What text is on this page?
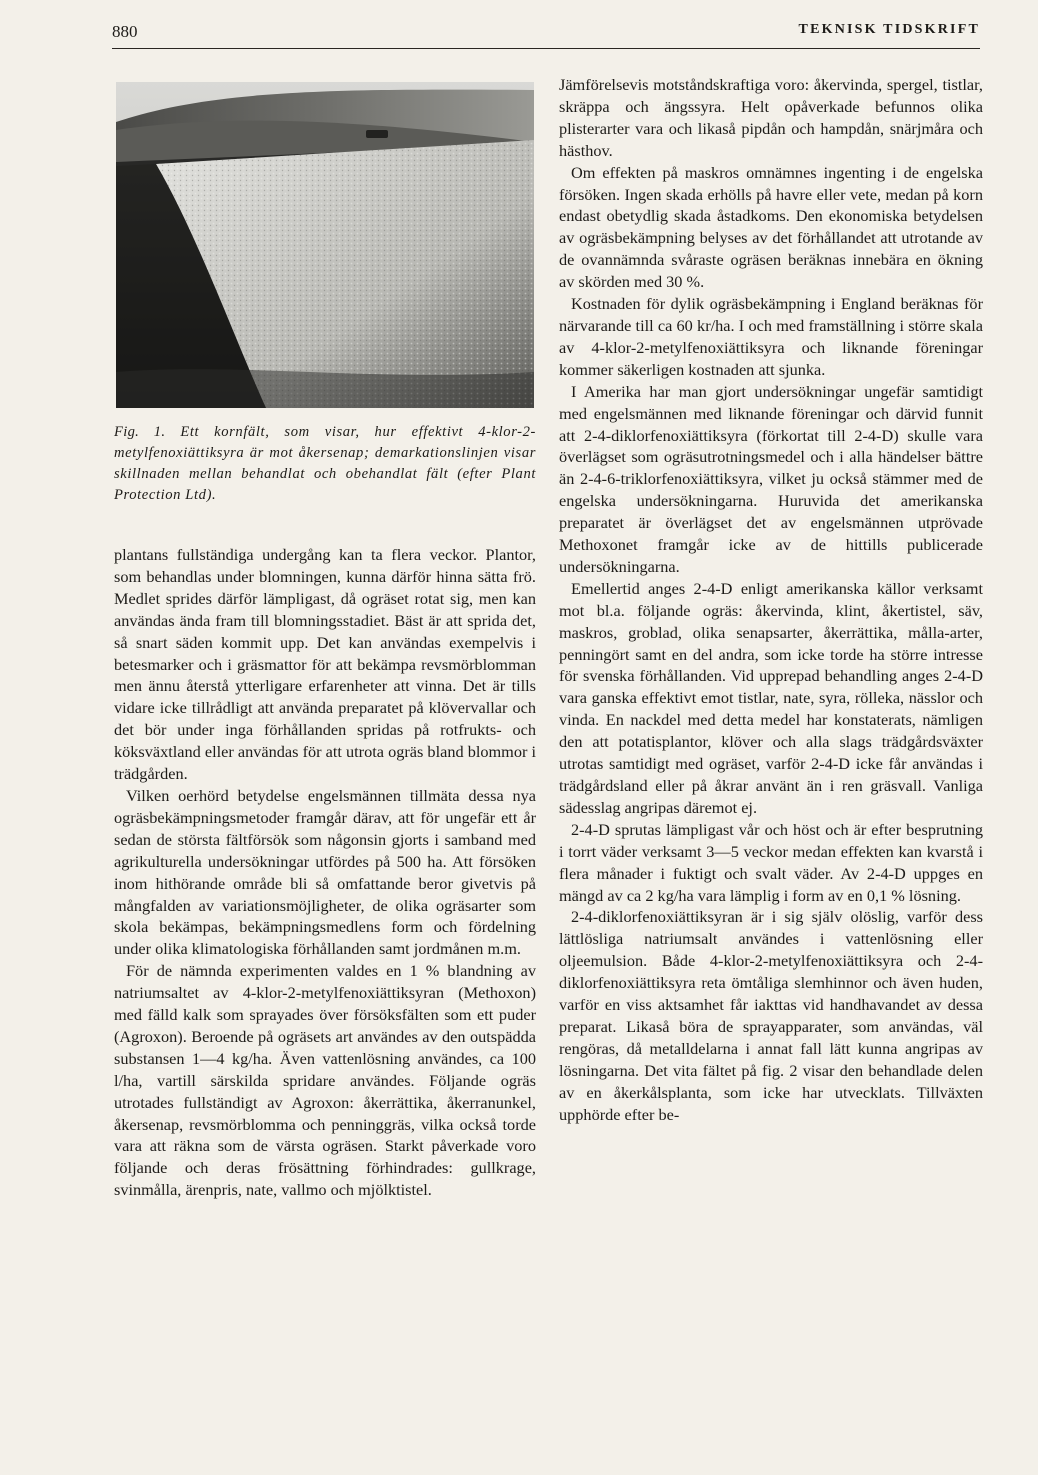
880	TEKNISK TIDSKRIFT
Fig. 1. Ett kornfält, som visar, hur effektivt 4-klor-2-metylfenoxiättiksyra är mot åkersenap; demarkationslinjen visar skillnaden mellan behandlat och obehandlat fält (efter Plant Protection Ltd).

plantans fullständiga undergång kan ta flera veckor. Plantor, som behandlas under blomningen, kunna därför hinna sätta frö. Medlet sprides därför lämpligast, då ogräset rotat sig, men kan användas ända fram till blomningsstadiet. Bäst är att sprida det, så snart säden kommit upp. Det kan användas exempelvis i betesmarker och i gräsmattor för att bekämpa revsmörblomman men ännu återstå ytterligare erfarenheter att vinna. Det är tills vidare icke tillrådligt att använda preparatet på klövervallar och det bör under inga förhållanden spridas på rotfrukts- och köksväxtland eller användas för att utrota ogräs bland blommor i trädgården.

Vilken oerhörd betydelse engelsmännen tillmäta dessa nya ogräsbekämpningsmetoder framgår därav, att för ungefär ett år sedan de största fältförsök som någonsin gjorts i samband med agrikulturella undersökningar utfördes på 500 ha. Att försöken inom hithörande område bli så omfattande beror givetvis på mångfalden av variationsmöjligheter, de olika ogräsarter som skola bekämpas, bekämpningsmedlens form och fördelning under olika klimatologiska förhållanden samt jordmånen m.m.

För de nämnda experimenten valdes en 1 % blandning av natriumsaltet av 4-klor-2-metylfenoxiättiksyran (Methoxon) med fälld kalk som sprayades över försöksfälten som ett puder (Agroxon). Beroende på ogräsets art användes av den outspädda substansen 1—4 kg/ha. Även vattenlösning användes, ca 100 l/ha, vartill särskilda spridare användes. Följande ogräs utrotades fullständigt av Agroxon: åkerrättika, åkerranunkel, åkersenap, revsmörblomma och penninggräs, vilka också torde vara att räkna som de värsta ogräsen. Starkt påverkade voro följande och deras frösättning förhindrades: gullkrage, svinmålla, ärenpris, nate, vallmo och mjölktistel.

Jämförelsevis motståndskraftiga voro: åkervinda, spergel, tistlar, skräppa och ängssyra. Helt opåverkade befunnos olika plisterarter vara och likaså pipdån och hampdån, snärjmåra och hästhov.

Om effekten på maskros omnämnes ingenting i de engelska försöken. Ingen skada erhölls på havre eller vete, medan på korn endast obetydlig skada åstadkoms. Den ekonomiska betydelsen av ogräsbekämpning belyses av det förhållandet att utrotande av de ovannämnda svåraste ogräsen beräknas innebära en ökning av skörden med 30 %.

Kostnaden för dylik ogräsbekämpning i England beräknas för närvarande till ca 60 kr/ha. I och med framställning i större skala av 4-klor-2-metylfenoxiättiksyra och liknande föreningar kommer säkerligen kostnaden att sjunka.

I Amerika har man gjort undersökningar ungefär samtidigt med engelsmännen med liknande föreningar och därvid funnit att 2-4-diklorfenoxiättiksyra (förkortat till 2-4-D) skulle vara överlägset som ogräsutrotningsmedel och i alla händelser bättre än 2-4-6-triklorfenoxiättiksyra, vilket ju också stämmer med de engelska undersökningarna. Huruvida det amerikanska preparatet är överlägset det av engelsmännen utprövade Methoxonet framgår icke av de hittills publicerade undersökningarna.

Emellertid anges 2-4-D enligt amerikanska källor verksamt mot bl.a. följande ogräs: åkervinda, klint, åkertistel, säv, maskros, groblad, olika senapsarter, åkerrättika, målla-arter, penningört samt en del andra, som icke torde ha större intresse för svenska förhållanden. Vid upprepad behandling anges 2-4-D vara ganska effektivt emot tistlar, nate, syra, rölleka, nässlor och vinda. En nackdel med detta medel har konstaterats, nämligen den att potatisplantor, klöver och alla slags trädgårdsväxter utrotas samtidigt med ogräset, varför 2-4-D icke får användas i trädgårdsland eller på åkrar använt än i ren gräsvall. Vanliga sädesslag angripas däremot ej.

2-4-D sprutas lämpligast vår och höst och är efter besprutning i torrt väder verksamt 3—5 veckor medan effekten kan kvarstå i flera månader i fuktigt och svalt väder. Av 2-4-D uppges en mängd av ca 2 kg/ha vara lämplig i form av en 0,1 % lösning.

2-4-diklorfenoxiättiksyran är i sig själv olöslig, varför dess lättlösliga natriumsalt användes i vattenlösning eller oljeemulsion. Både 4-klor-2-metylfenoxiättiksyra och 2-4-diklorfenoxiättiksyra reta ömtåliga slemhinnor och även huden, varför en viss aktsamhet får iakttas vid handhavandet av dessa preparat. Likaså böra de sprayapparater, som användas, väl rengöras, då metalldelarna i annat fall lätt kunna angripas av lösningarna. Det vita fältet på fig. 2 visar den behandlade delen av en åkerkålsplanta, som icke har utvecklats. Tillväxten upphörde efter be-
